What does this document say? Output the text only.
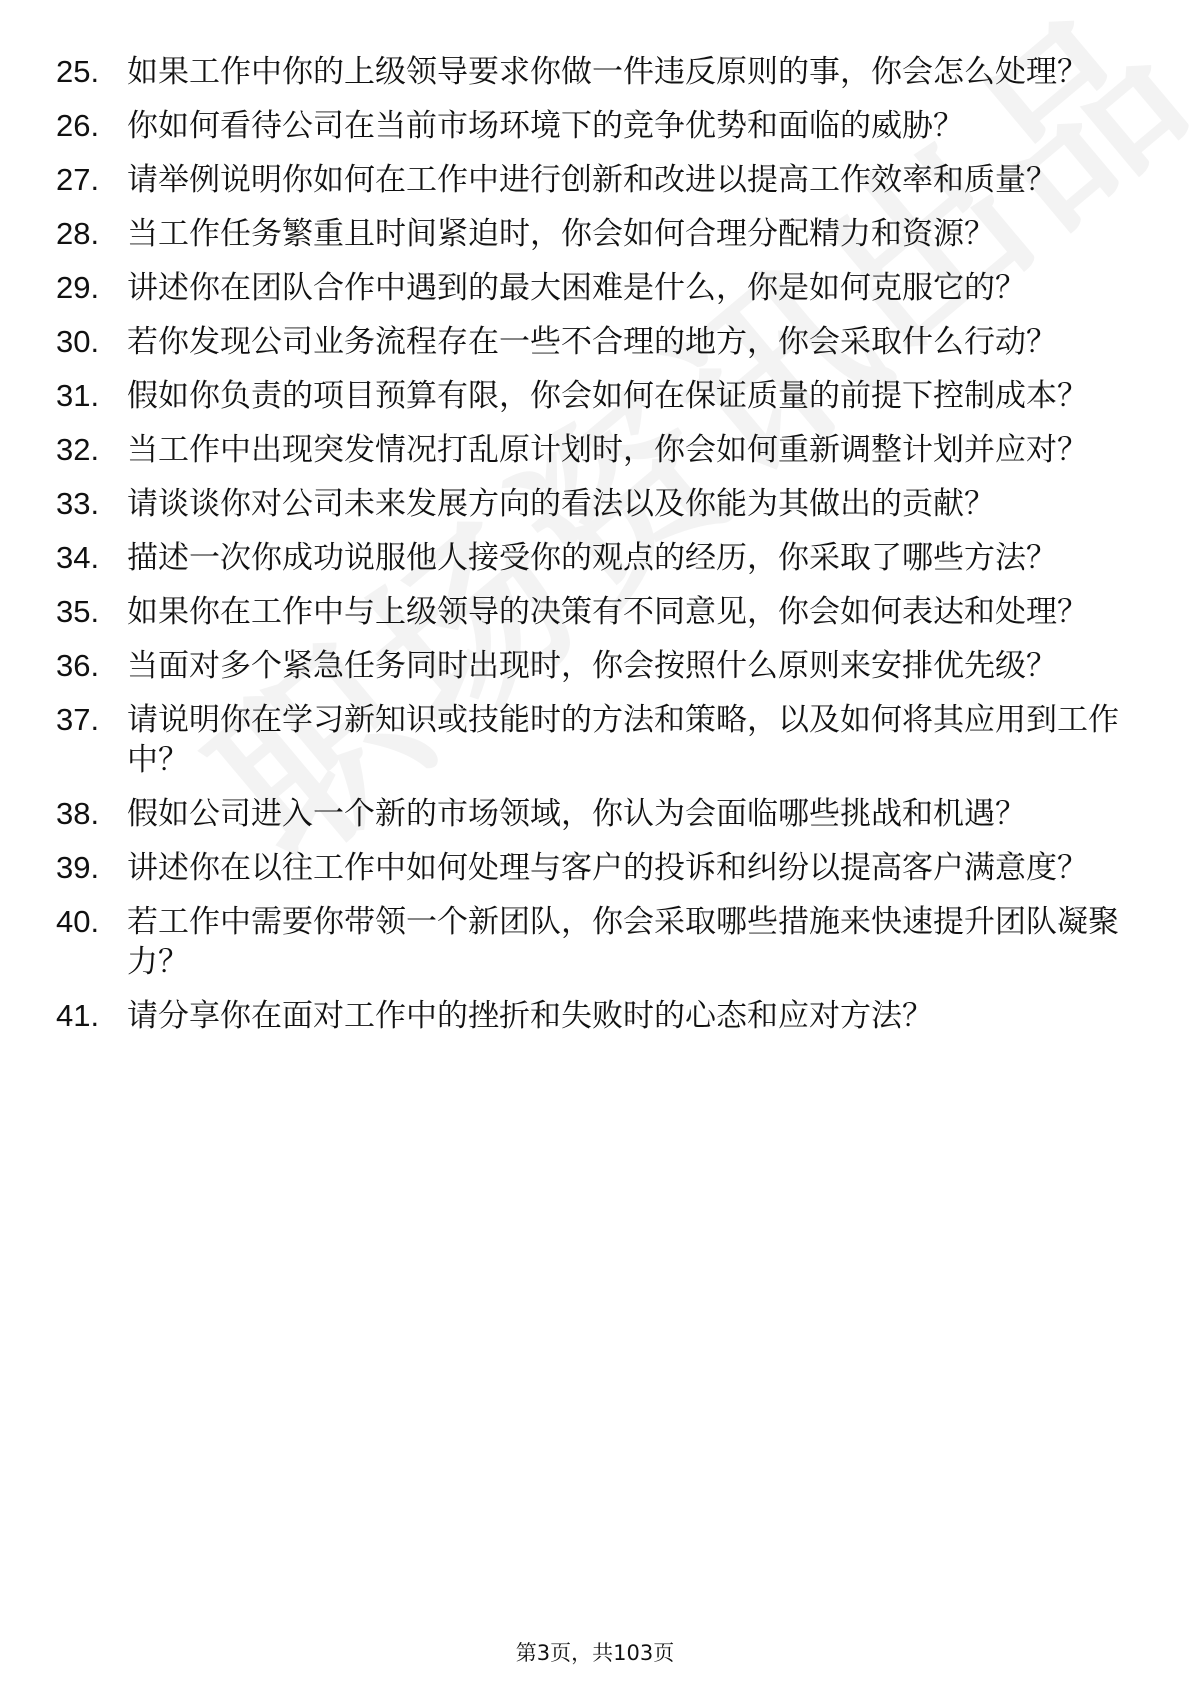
25. 如果工作中你的上级领导要求你做一件违反原则的事，你会怎么处理？
26. 你如何看待公司在当前市场环境下的竞争优势和面临的威胁？
27. 请举例说明你如何在工作中进行创新和改进以提高工作效率和质量？
28. 当工作任务繁重且时间紧迫时，你会如何合理分配精力和资源？
29. 讲述你在团队合作中遇到的最大困难是什么，你是如何克服它的？
30. 若你发现公司业务流程存在一些不合理的地方，你会采取什么行动？
31. 假如你负责的项目预算有限，你会如何在保证质量的前提下控制成本？
32. 当工作中出现突发情况打乱原计划时，你会如何重新调整计划并应对？
33. 请谈谈你对公司未来发展方向的看法以及你能为其做出的贡献？
34. 描述一次你成功说服他人接受你的观点的经历，你采取了哪些方法？
35. 如果你在工作中与上级领导的决策有不同意见，你会如何表达和处理？
36. 当面对多个紧急任务同时出现时，你会按照什么原则来安排优先级？
37. 请说明你在学习新知识或技能时的方法和策略，以及如何将其应用到工作中？
38. 假如公司进入一个新的市场领域，你认为会面临哪些挑战和机遇？
39. 讲述你在以往工作中如何处理与客户的投诉和纠纷以提高客户满意度？
40. 若工作中需要你带领一个新团队，你会采取哪些措施来快速提升团队凝聚力？
41. 请分享你在面对工作中的挫折和失败时的心态和应对方法？
第3页，共103页
